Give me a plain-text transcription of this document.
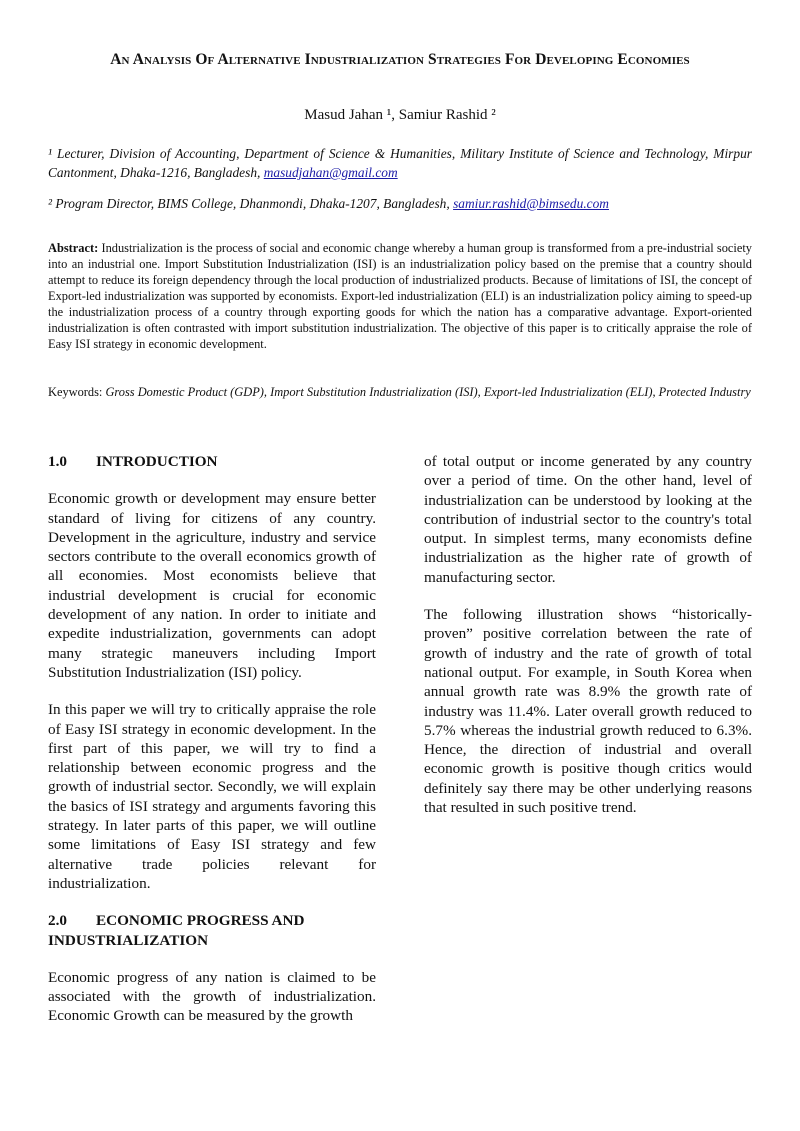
An Analysis Of Alternative Industrialization Strategies For Developing Economies
Masud Jahan ¹, Samiur Rashid ²
¹ Lecturer, Division of Accounting, Department of Science & Humanities, Military Institute of Science and Technology, Mirpur Cantonment, Dhaka-1216, Bangladesh, masudjahan@gmail.com
² Program Director, BIMS College, Dhanmondi, Dhaka-1207, Bangladesh, samiur.rashid@bimsedu.com
Abstract: Industrialization is the process of social and economic change whereby a human group is transformed from a pre-industrial society into an industrial one. Import Substitution Industrialization (ISI) is an industrialization policy based on the premise that a country should attempt to reduce its foreign dependency through the local production of industrialized products. Because of limitations of ISI, the concept of Export-led industrialization was supported by economists. Export-led industrialization (ELI) is an industrialization policy aiming to speed-up the industrialization process of a country through exporting goods for which the nation has a comparative advantage. Export-oriented industrialization is often contrasted with import substitution industrialization. The objective of this paper is to critically appraise the role of Easy ISI strategy in economic development.
Keywords: Gross Domestic Product (GDP), Import Substitution Industrialization (ISI), Export-led Industrialization (ELI), Protected Industry
1.0 INTRODUCTION

Economic growth or development may ensure better standard of living for citizens of any country. Development in the agriculture, industry and service sectors contribute to the overall economics growth of all economies. Most economists believe that industrial development is crucial for economic development of any nation. In order to initiate and expedite industrialization, governments can adopt many strategic maneuvers including Import Substitution Industrialization (ISI) policy.

In this paper we will try to critically appraise the role of Easy ISI strategy in economic development. In the first part of this paper, we will try to find a relationship between economic progress and the growth of industrial sector. Secondly, we will explain the basics of ISI strategy and arguments favoring this strategy. In later parts of this paper, we will outline some limitations of Easy ISI strategy and few alternative trade policies relevant for industrialization.

2.0 ECONOMIC PROGRESS AND INDUSTRIALIZATION

Economic progress of any nation is claimed to be associated with the growth of industrialization. Economic Growth can be measured by the growth

of total output or income generated by any country over a period of time. On the other hand, level of industrialization can be understood by looking at the contribution of industrial sector to the country's total output. In simplest terms, many economists define industrialization as the higher rate of growth of manufacturing sector.

The following illustration shows “historically-proven” positive correlation between the rate of growth of industry and the rate of growth of total national output. For example, in South Korea when annual growth rate was 8.9% the growth rate of industry was 11.4%. Later overall growth reduced to 5.7% whereas the industrial growth reduced to 6.3%. Hence, the direction of industrial and overall economic growth is positive though critics would definitely say there may be other underlying reasons that resulted in such positive trend.
